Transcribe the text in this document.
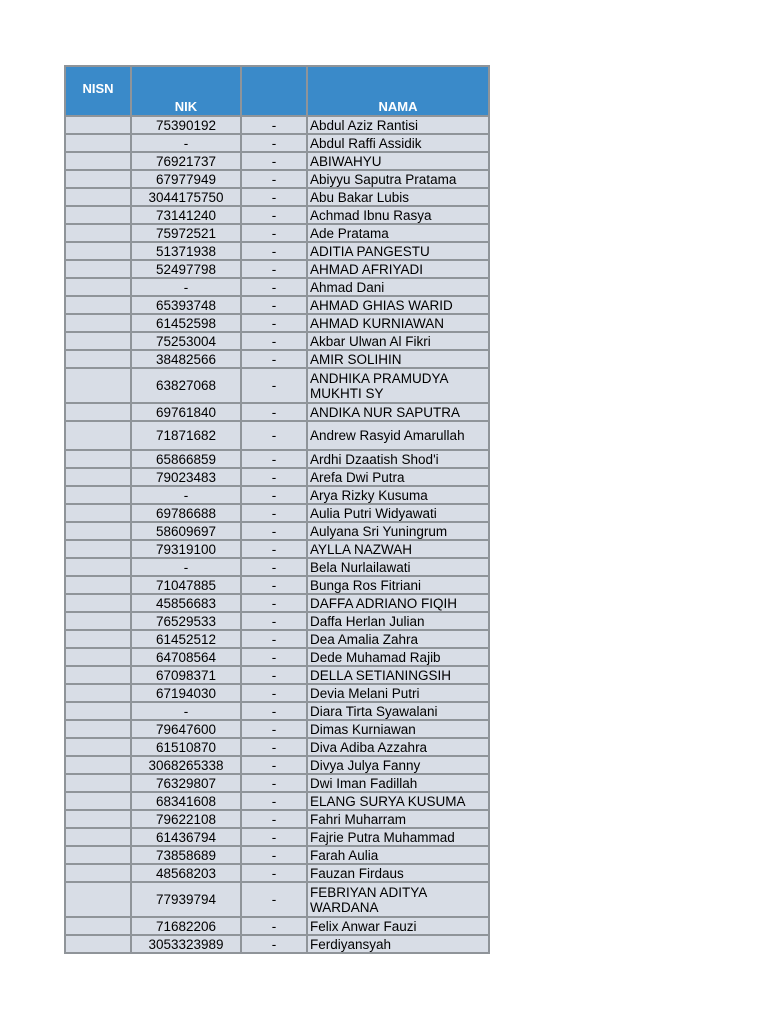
NISN	NIK		NAMA
	75390192	-	Abdul Aziz Rantisi
	-	-	Abdul Raffi Assidik
	76921737	-	ABIWAHYU
	67977949	-	Abiyyu Saputra Pratama
	3044175750	-	Abu Bakar Lubis
	73141240	-	Achmad Ibnu Rasya
	75972521	-	Ade Pratama
	51371938	-	ADITIA PANGESTU
	52497798	-	AHMAD AFRIYADI
	-	-	Ahmad Dani
	65393748	-	AHMAD GHIAS WARID
	61452598	-	AHMAD KURNIAWAN
	75253004	-	Akbar Ulwan Al Fikri
	38482566	-	AMIR SOLIHIN
	63827068	-	ANDHIKA PRAMUDYA MUKHTI SY
	69761840	-	ANDIKA NUR SAPUTRA
	71871682	-	Andrew Rasyid Amarullah
	65866859	-	Ardhi Dzaatish Shod'i
	79023483	-	Arefa Dwi Putra
	-	-	Arya Rizky Kusuma
	69786688	-	Aulia Putri Widyawati
	58609697	-	Aulyana Sri Yuningrum
	79319100	-	AYLLA NAZWAH
	-	-	Bela Nurlailawati
	71047885	-	Bunga Ros Fitriani
	45856683	-	DAFFA ADRIANO FIQIH
	76529533	-	Daffa Herlan Julian
	61452512	-	Dea Amalia Zahra
	64708564	-	Dede Muhamad Rajib
	67098371	-	DELLA SETIANINGSIH
	67194030	-	Devia Melani Putri
	-	-	Diara Tirta Syawalani
	79647600	-	Dimas Kurniawan
	61510870	-	Diva Adiba Azzahra
	3068265338	-	Divya Julya Fanny
	76329807	-	Dwi Iman Fadillah
	68341608	-	ELANG SURYA KUSUMA
	79622108	-	Fahri Muharram
	61436794	-	Fajrie Putra Muhammad
	73858689	-	Farah Aulia
	48568203	-	Fauzan Firdaus
	77939794	-	FEBRIYAN ADITYA WARDANA
	71682206	-	Felix Anwar Fauzi
	3053323989	-	Ferdiyansyah
